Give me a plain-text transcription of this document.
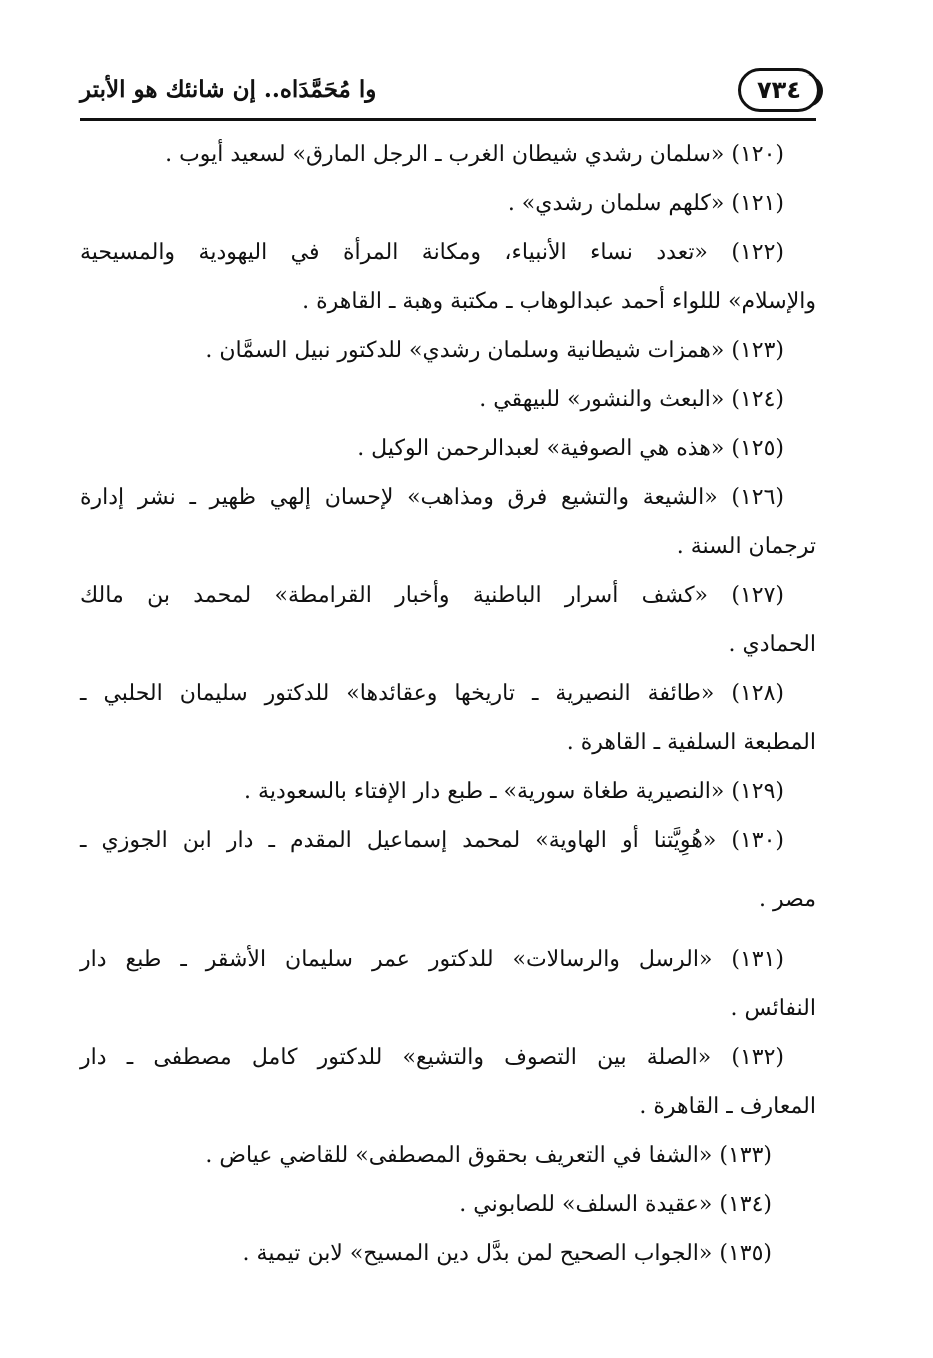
وا مُحَمَّدَاه.. إن شانئك هو الأبتر	٧٣٤

(١٢٠) «سلمان رشدي شيطان الغرب ـ الرجل المارق» لسعيد أيوب .

(١٢١) «كلهم سلمان رشدي» .

(١٢٢) «تعدد نساء الأنبياء، ومكانة المرأة في اليهودية والمسيحية
والإسلام» لللواء أحمد عبدالوهاب ـ مكتبة وهبة ـ القاهرة .

(١٢٣) «همزات شيطانية وسلمان رشدي» للدكتور نبيل السمَّان .

(١٢٤) «البعث والنشور» للبيهقي .

(١٢٥) «هذه هي الصوفية» لعبدالرحمن الوكيل .

(١٢٦) «الشيعة والتشيع فرق ومذاهب» لإحسان إلهي ظهير ـ نشر إدارة
ترجمان السنة .

(١٢٧) «كشف أسرار الباطنية وأخبار القرامطة» لمحمد بن مالك
الحمادي .

(١٢٨) «طائفة النصيرية ـ تاريخها وعقائدها» للدكتور سليمان الحلبي ـ
المطبعة السلفية ـ القاهرة .

(١٢٩) «النصيرية طغاة سورية» ـ طبع دار الإفتاء بالسعودية .

(١٣٠) «هُوِيَّتنا أو الهاوية» لمحمد إسماعيل المقدم ـ دار ابن الجوزي ـ
مصر .

(١٣١) «الرسل والرسالات» للدكتور عمر سليمان الأشقر ـ طبع دار
النفائس .

(١٣٢) «الصلة بين التصوف والتشيع» للدكتور كامل مصطفى ـ دار
المعارف ـ القاهرة .

(١٣٣) «الشفا في التعريف بحقوق المصطفى» للقاضي عياض .

(١٣٤) «عقيدة السلف» للصابوني .

(١٣٥) «الجواب الصحيح لمن بدَّل دين المسيح» لابن تيمية .
